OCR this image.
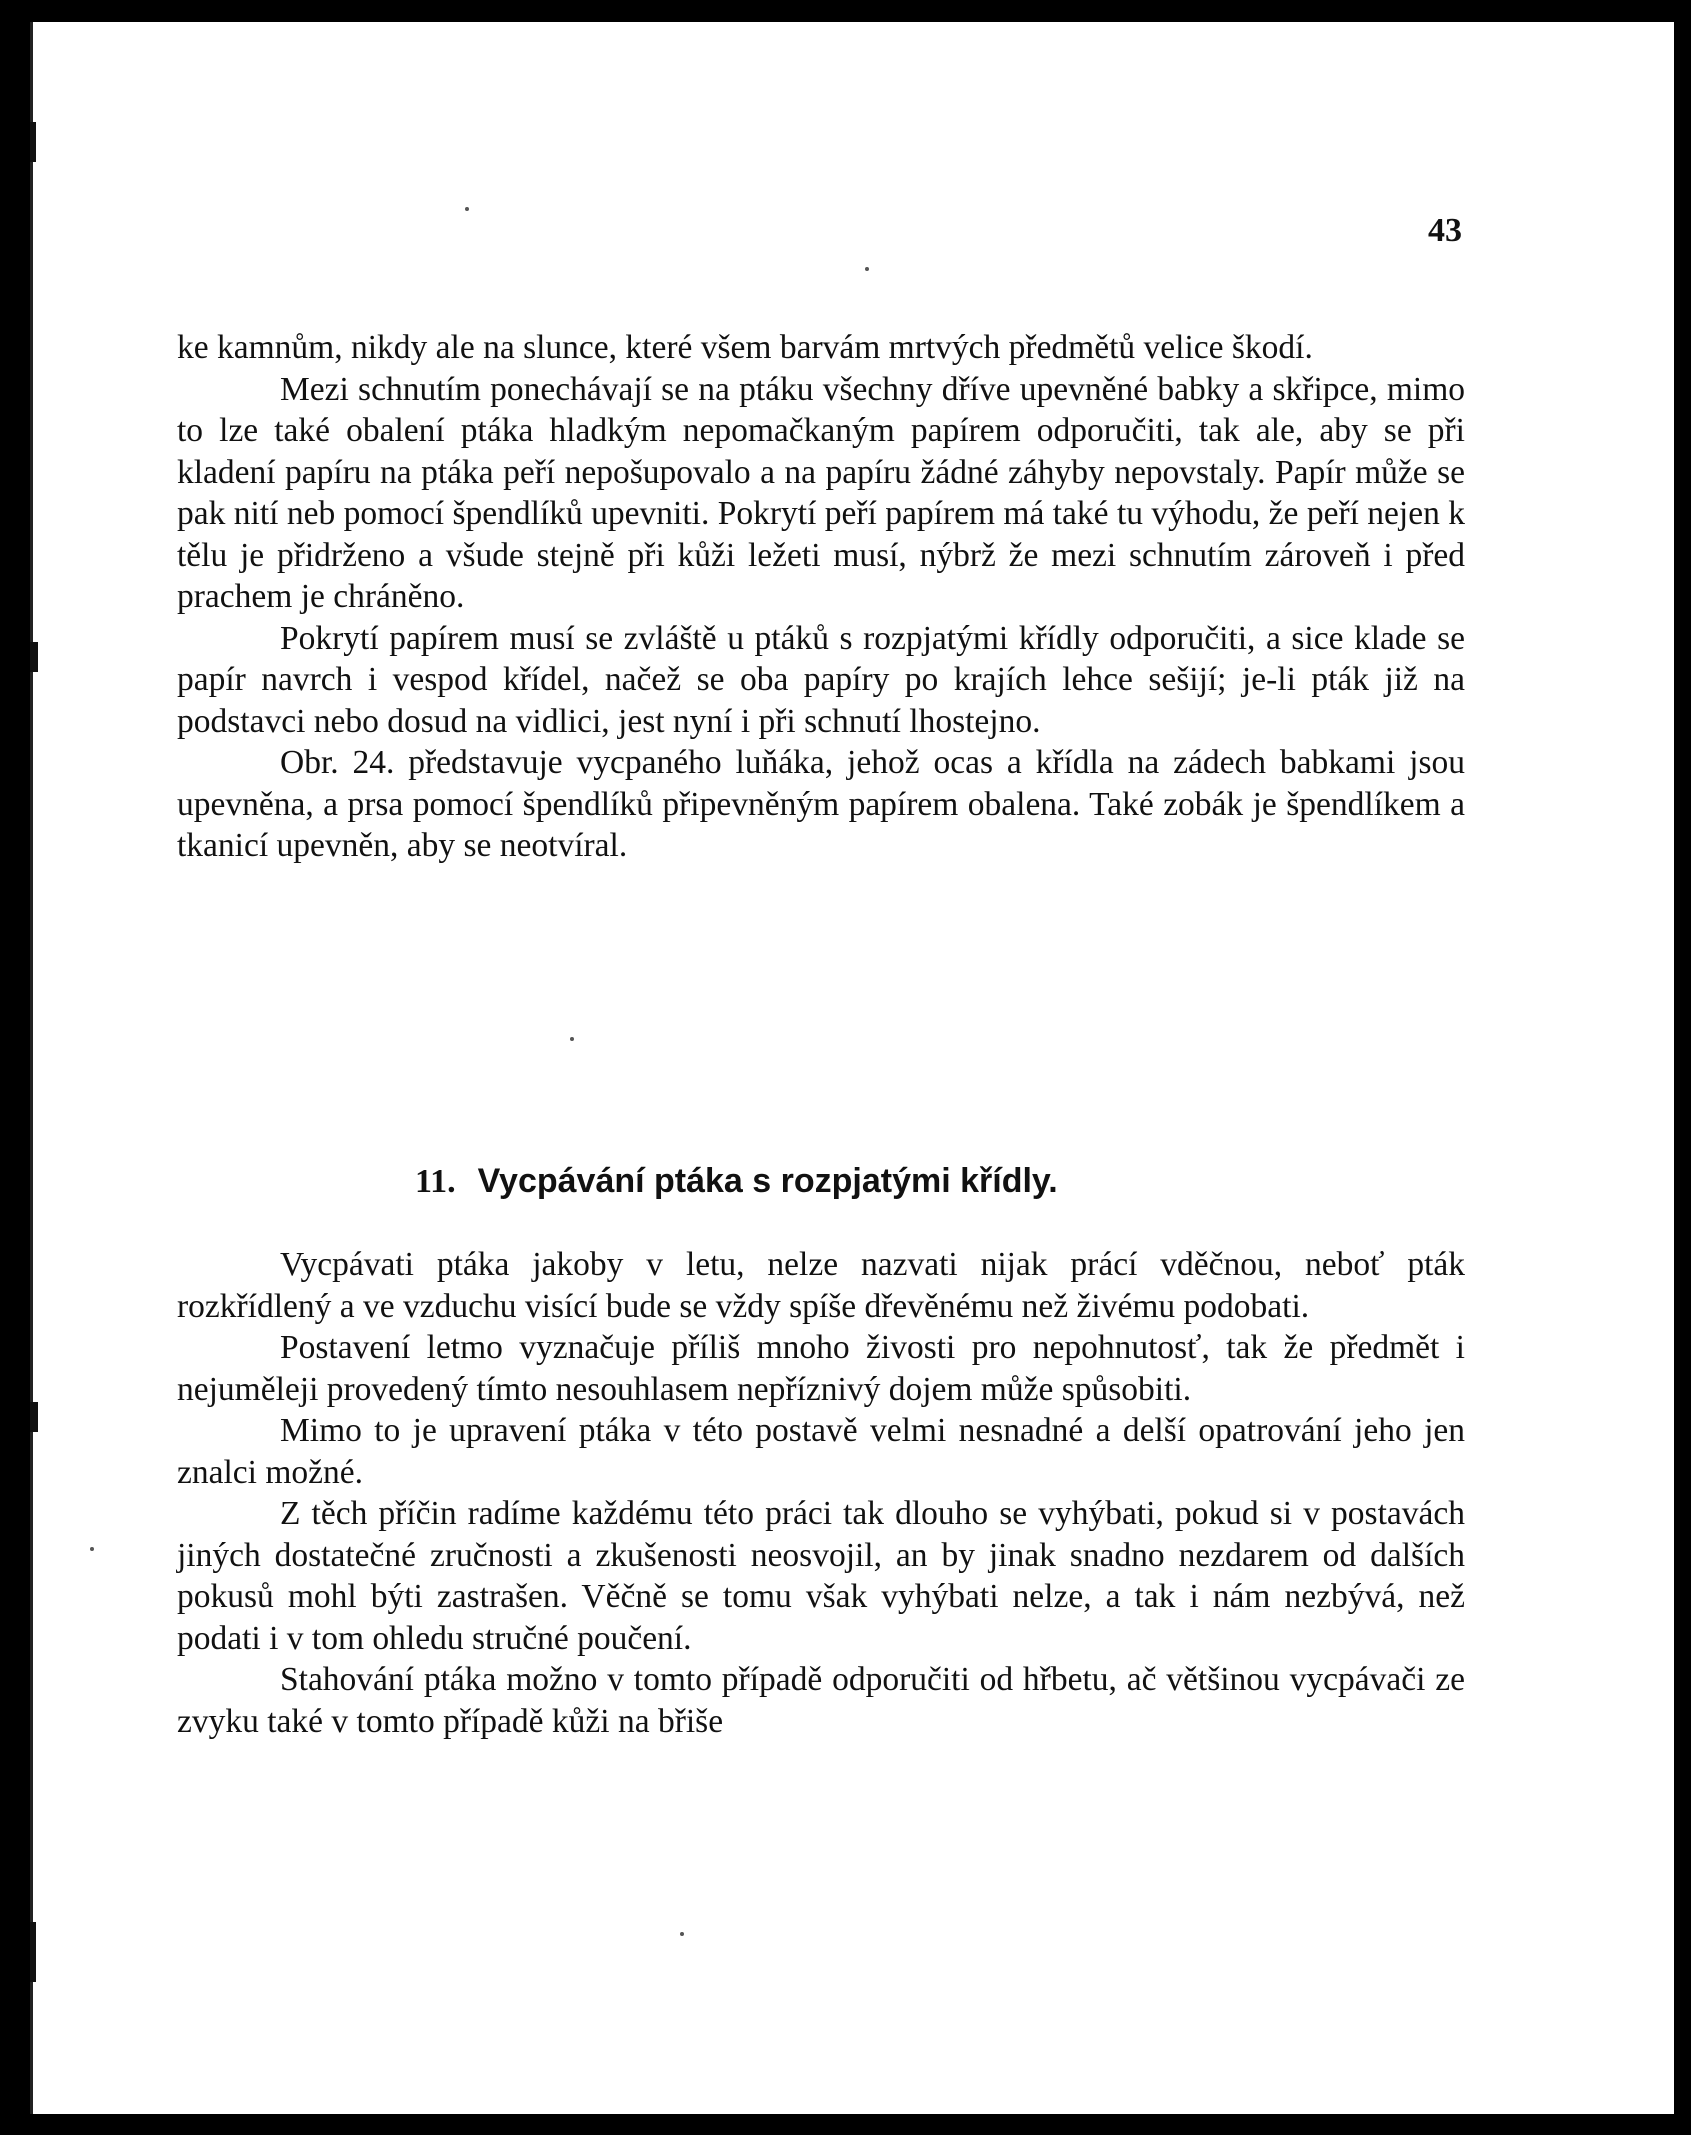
43

ke kamnům, nikdy ale na slunce, které všem barvám mrtvých předmětů velice škodí.

Mezi schnutím ponechávají se na ptáku všechny dříve upevněné babky a skřipce, mimo to lze také obalení ptáka hladkým nepomačkaným papírem odporučiti, tak ale, aby se při kladení papíru na ptáka peří nepošupovalo a na papíru žádné záhyby nepovstaly. Papír může se pak nití neb pomocí špendlíků upevniti. Pokrytí peří papírem má také tu výhodu, že peří nejen k tělu je přidrženo a všude stejně při kůži ležeti musí, nýbrž že mezi schnutím zároveň i před prachem je chráněno.

Pokrytí papírem musí se zvláště u ptáků s rozpjatými křídly odporučiti, a sice klade se papír navrch i vespod křídel, načež se oba papíry po krajích lehce sešijí; je-li pták již na podstavci nebo dosud na vidlici, jest nyní i při schnutí lhostejno.

Obr. 24. představuje vycpaného luňáka, jehož ocas a křídla na zádech babkami jsou upevněna, a prsa pomocí špendlíků připevněným papírem obalena. Také zobák je špendlíkem a tkanicí upevněn, aby se neotvíral.

11. Vycpávání ptáka s rozpjatými křídly.

Vycpávati ptáka jakoby v letu, nelze nazvati nijak prácí vděčnou, neboť pták rozkřídlený a ve vzduchu visící bude se vždy spíše dřevěnému než živému podobati.

Postavení letmo vyznačuje příliš mnoho živosti pro nepohnutosť, tak že předmět i nejuměleji provedený tímto nesouhlasem nepříznivý dojem může spůsobiti.

Mimo to je upravení ptáka v této postavě velmi nesnadné a delší opatrování jeho jen znalci možné.

Z těch příčin radíme každému této práci tak dlouho se vyhýbati, pokud si v postavách jiných dostatečné zručnosti a zkušenosti neosvojil, an by jinak snadno nezdarem od dalších pokusů mohl býti zastrašen. Věčně se tomu však vyhýbati nelze, a tak i nám nezbývá, než podati i v tom ohledu stručné poučení.

Stahování ptáka možno v tomto případě odporučiti od hřbetu, ač většinou vycpávači ze zvyku také v tomto případě kůži na břiše
